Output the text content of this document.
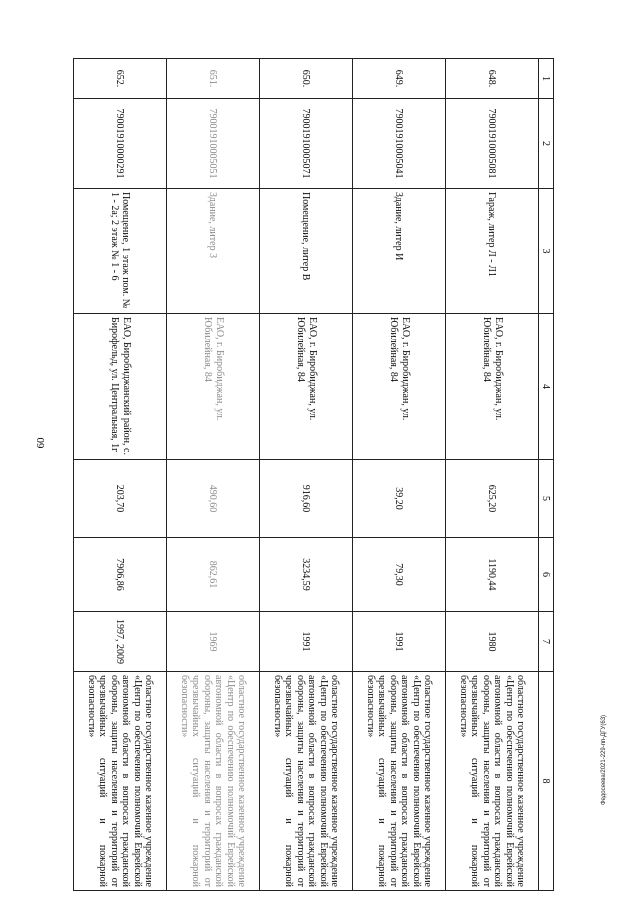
60
1	2	3	4	5	6	7	8
648.	79001910005081	Гараж, литер Л - Л1	ЕАО, г. Биробиджан, ул. Юбилейная, 84	625,20	1190,44	1980	областное государственное казенное учреждение «Центр по обеспечению полномочий Еврейской автономной области в вопросах гражданской обороны, защиты населения и территорий от чрезвычайных ситуаций и пожарной безопасности»
649.	79001910005041	Здание, литер И	ЕАО, г. Биробиджан, ул. Юбилейная, 84	39,20	79,30	1991	областное государственное казенное учреждение «Центр по обеспечению полномочий Еврейской автономной области в вопросах гражданской обороны, защиты населения и территорий от чрезвычайных ситуаций и пожарной безопасности»
650.	79001910005071	Помещение, литер В	ЕАО, г. Биробиджан, ул. Юбилейная, 84	916,60	3234,59	1991	областное государственное казенное учреждение «Центр по обеспечению полномочий Еврейской автономной области в вопросах гражданской обороны, защиты населения и территорий от чрезвычайных ситуаций и пожарной безопасности»
651.	79001910005051	Здание, литер З	ЕАО, г. Биробиджан, ул. Юбилейная, 84	490,60	862,61	1969	областное государственное казенное учреждение «Центр по обеспечению полномочий Еврейской автономной области в вопросах гражданской обороны, защиты населения и территорий от чрезвычайных ситуаций и пожарной безопасности»
652.	79001910000291	Помещение, 1 этаж пом. № 1 - 2а; 2 этаж № 1 - 6	ЕАО, Биробиджанский район, с. Бирофельд, ул. Центральная, 1г	203,70	7906,86	1997, 2009	областное государственное казенное учреждение «Центр по обеспечению полномочий Еврейской автономной области в вопросах гражданской обороны, защиты населения и территорий от чрезвычайных ситуаций и пожарной безопасности»
Федосеева/2021-229-пп-ДГУ(63)
